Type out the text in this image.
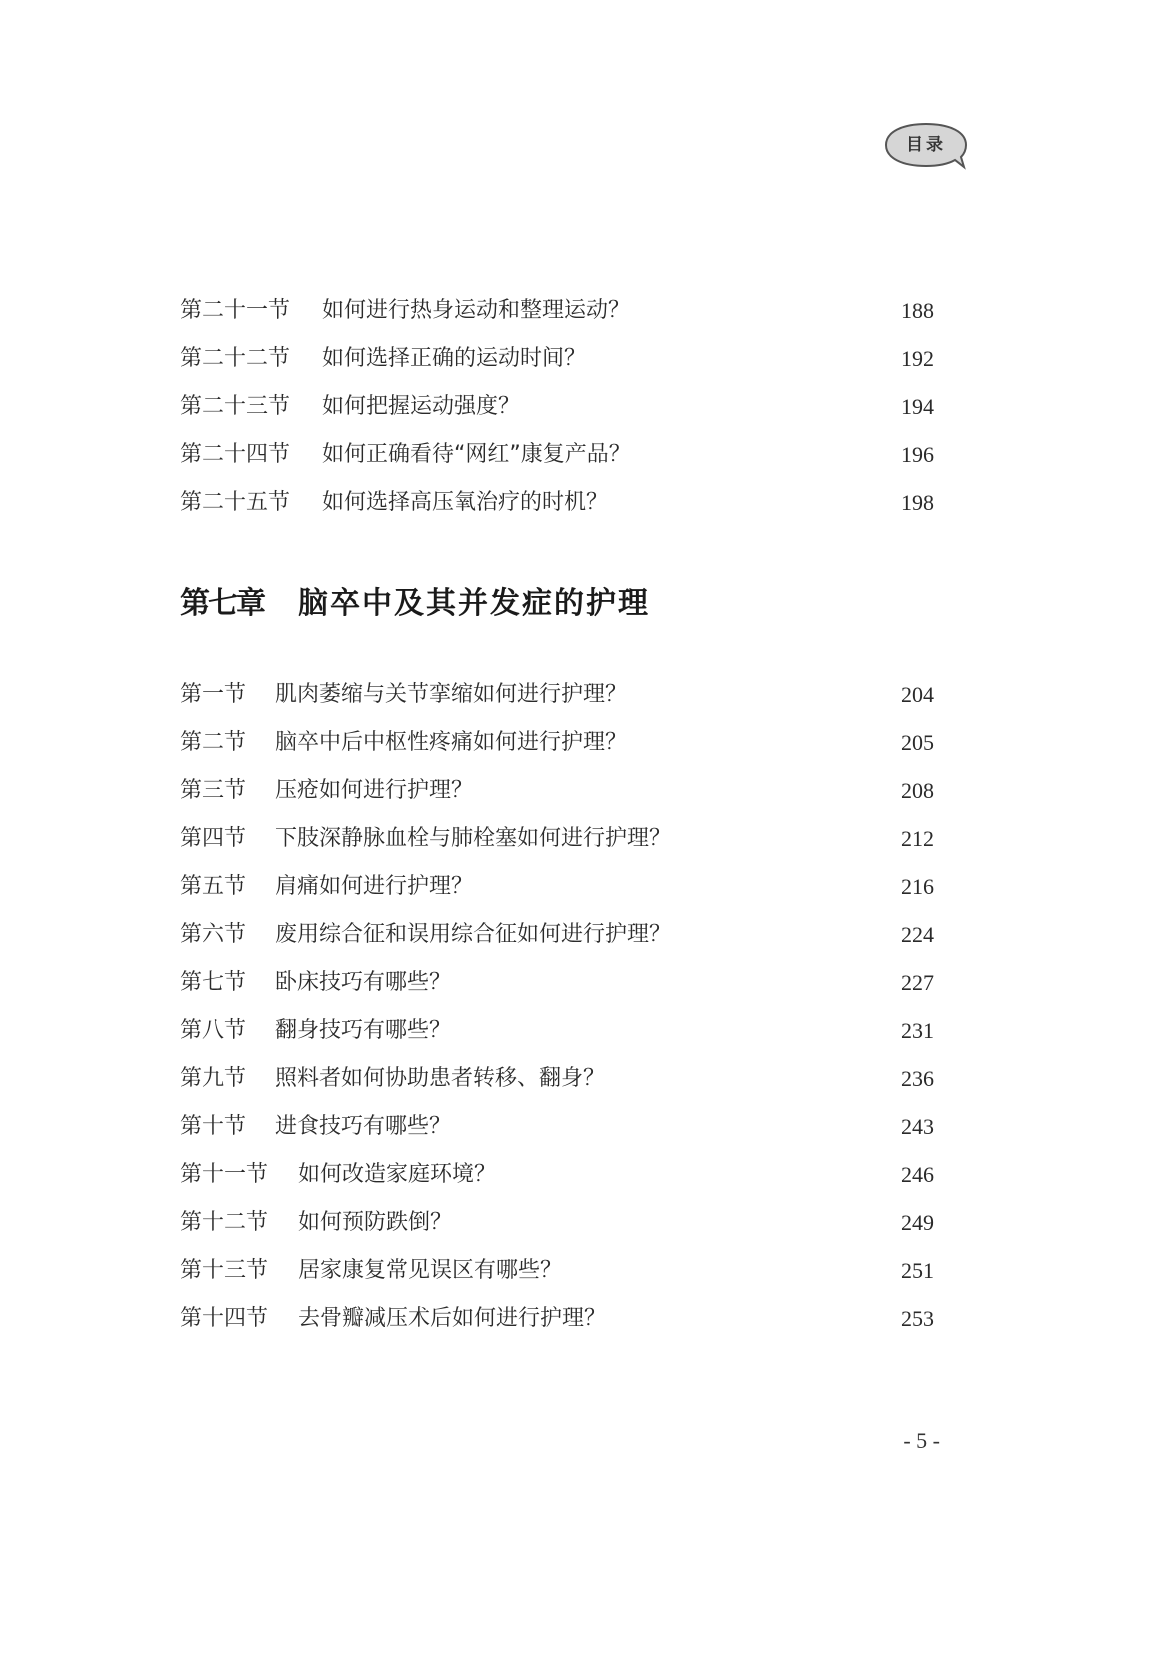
目录
第二十一节 如何进行热身运动和整理运动？	188
第二十二节 如何选择正确的运动时间？	192
第二十三节 如何把握运动强度？	194
第二十四节 如何正确看待“网红”康复产品？	196
第二十五节 如何选择高压氧治疗的时机？	198
第七章 脑卒中及其并发症的护理
第一节 肌肉萎缩与关节挛缩如何进行护理？	204
第二节 脑卒中后中枢性疼痛如何进行护理？	205
第三节 压疮如何进行护理？	208
第四节 下肢深静脉血栓与肺栓塞如何进行护理？	212
第五节 肩痛如何进行护理？	216
第六节 废用综合征和误用综合征如何进行护理？	224
第七节 卧床技巧有哪些？	227
第八节 翻身技巧有哪些？	231
第九节 照料者如何协助患者转移、翻身？	236
第十节 进食技巧有哪些？	243
第十一节 如何改造家庭环境？	246
第十二节 如何预防跌倒？	249
第十三节 居家康复常见误区有哪些？	251
第十四节 去骨瓣减压术后如何进行护理？	253
- 5 -
